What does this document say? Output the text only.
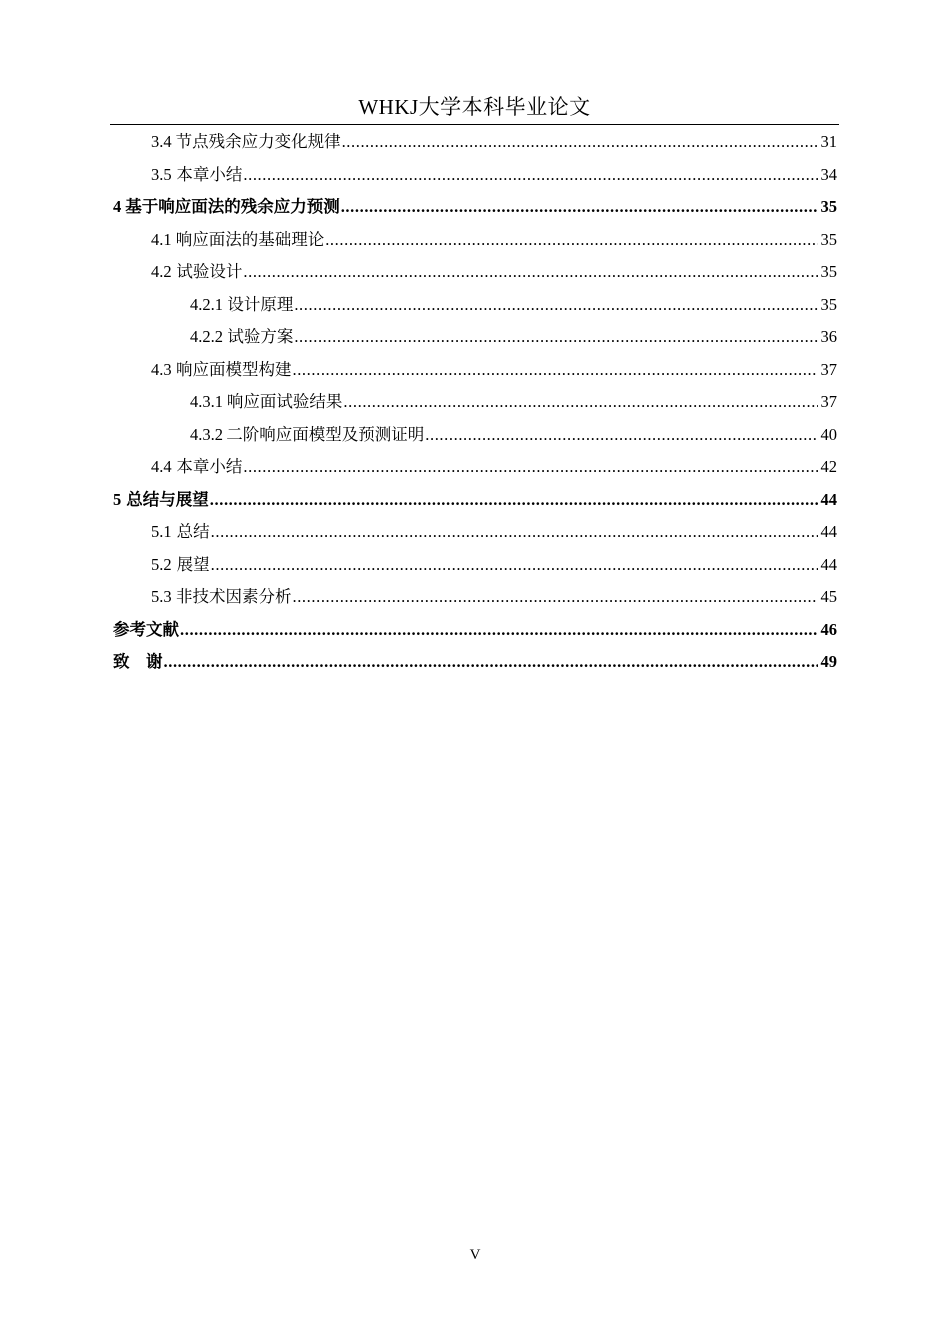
WHKJ大学本科毕业论文
3.4 节点残余应力变化规律 .....	31
3.5 本章小结 .....	34
4 基于响应面法的残余应力预测 .....	35
4.1 响应面法的基础理论 .....	35
4.2 试验设计 .....	35
4.2.1 设计原理 .....	35
4.2.2 试验方案 .....	36
4.3 响应面模型构建 .....	37
4.3.1 响应面试验结果 .....	37
4.3.2 二阶响应面模型及预测证明 .....	40
4.4 本章小结 .....	42
5 总结与展望 .....	44
5.1 总结 .....	44
5.2 展望 .....	44
5.3 非技术因素分析 .....	45
参考文献 .....	46
致　谢 .....	49
V
